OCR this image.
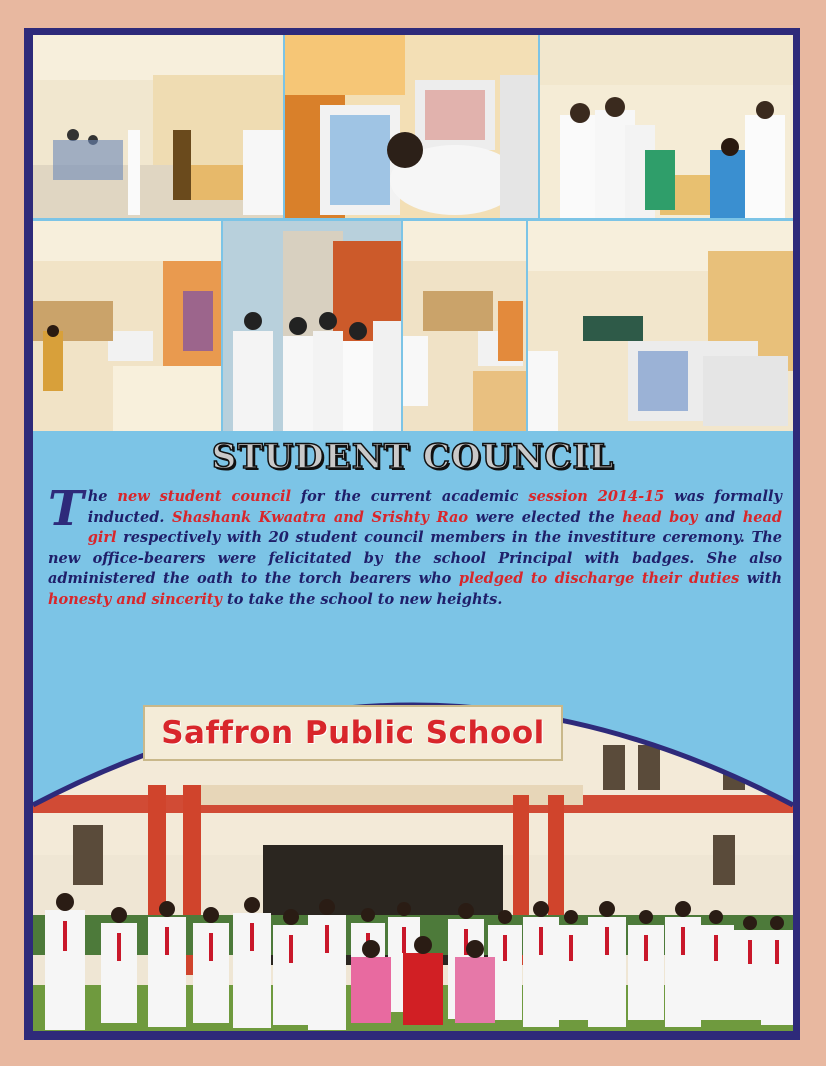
STUDENT COUNCIL
The new student council for the current academic session 2014-15 was formally inducted. Shashank Kwaatra and Srishty Rao were elected the head boy and head girl respectively with 20 student council members in the investiture ceremony. The new office-bearers were felicitated by the school Principal with badges. She also administered the oath to the torch bearers who pledged to discharge their duties with honesty and sincerity to take the school to new heights.
Saffron Public School
